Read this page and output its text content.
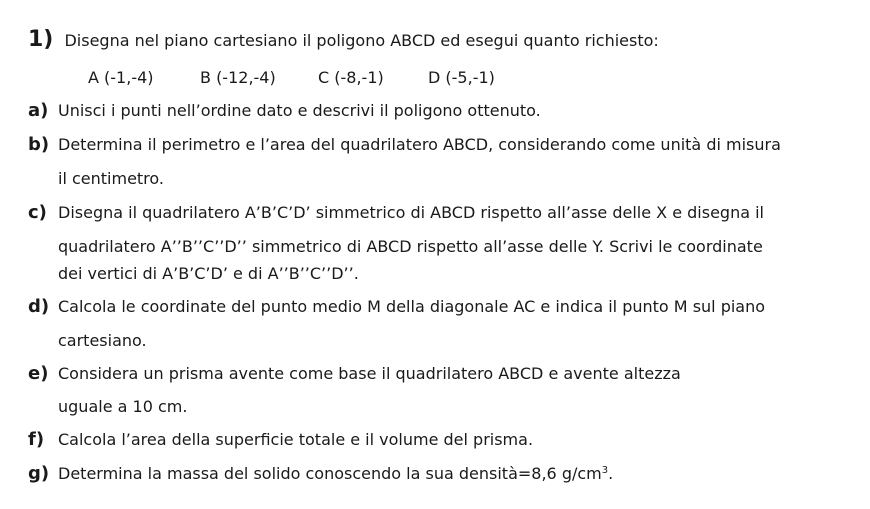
1) Disegna nel piano cartesiano il poligono ABCD ed esegui quanto richiesto:
A (-1,-4)	B (-12,-4)	C (-8,-1)	D (-5,-1)
a) Unisci i punti nell’ordine dato e descrivi il poligono ottenuto.
b) Determina il perimetro e l’area del quadrilatero ABCD, considerando come unità di misura
il centimetro.
c) Disegna il quadrilatero A’B’C’D’ simmetrico di ABCD rispetto all’asse delle X e disegna il
quadrilatero A’’B’’C’’D’’ simmetrico di ABCD rispetto all’asse delle Y. Scrivi le coordinate
dei vertici di A’B’C’D’ e di A’’B’’C’’D’’.
d) Calcola le coordinate del punto medio M della diagonale AC e indica il punto M sul piano
cartesiano.
e) Considera un prisma avente come base il quadrilatero ABCD e avente altezza
uguale a 10 cm.
f) Calcola l’area della superficie totale e il volume del prisma.
g) Determina la massa del solido conoscendo la sua densità=8,6 $g/cm^3$.
